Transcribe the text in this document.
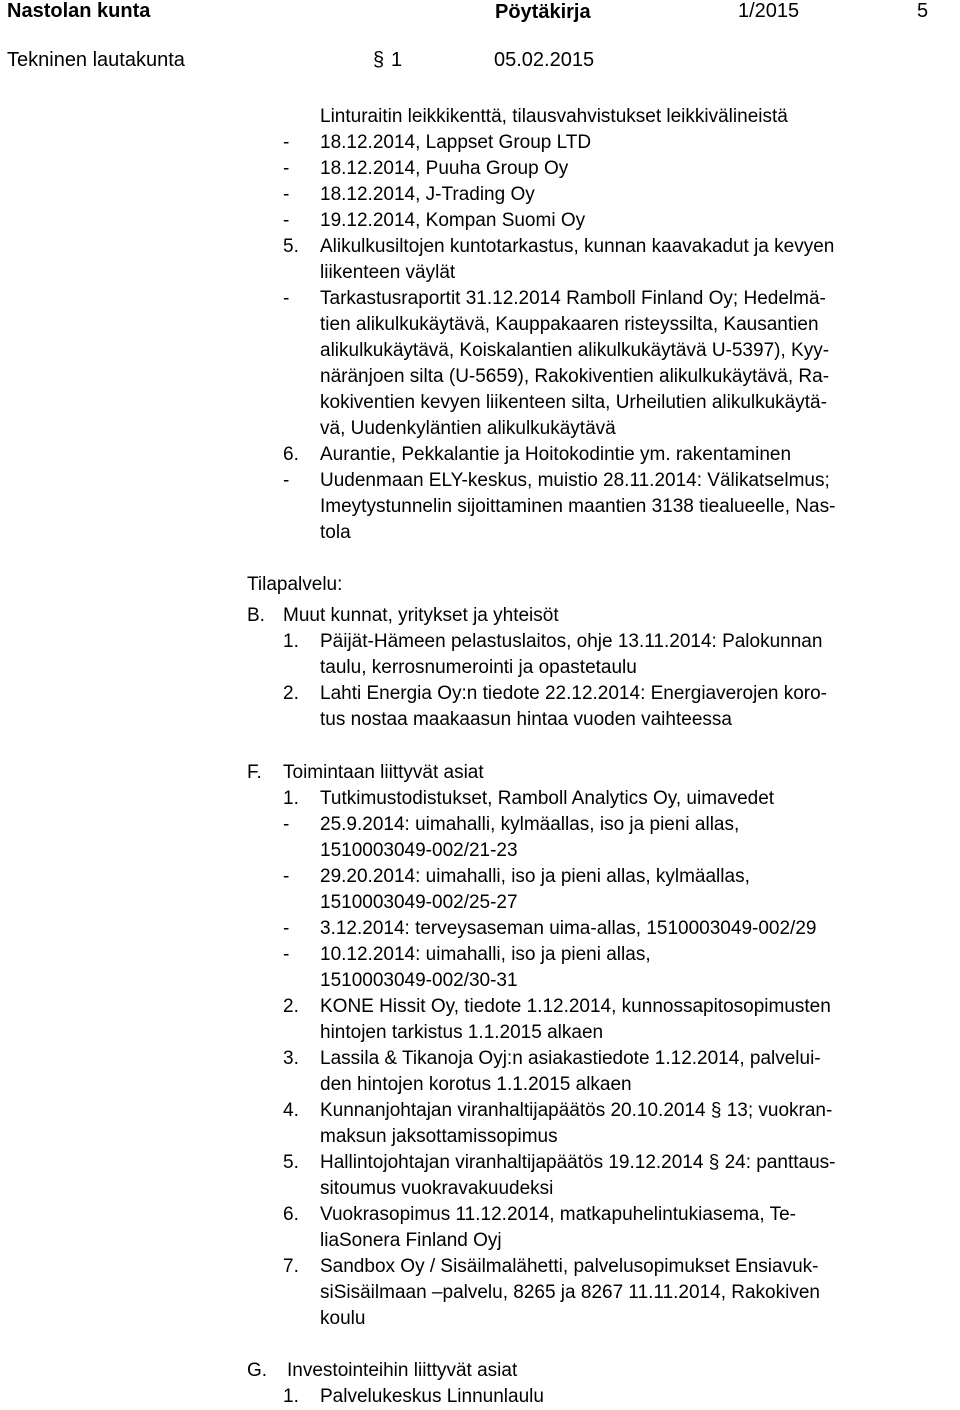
Nastolan kunta	Pöytäkirja	1/2015	5
Tekninen lautakunta	§ 1	05.02.2015
Linturaitin leikkikenttä, tilausvahvistukset leikkivälineistä
- 18.12.2014, Lappset Group LTD
- 18.12.2014, Puuha Group Oy
- 18.12.2014, J-Trading Oy
- 19.12.2014, Kompan Suomi Oy
5. Alikulkusiltojen kuntotarkastus, kunnan kaavakadut ja kevyen
liikenteen väylät
- Tarkastusraportit 31.12.2014 Ramboll Finland Oy; Hedelmä-
tien alikulkukäytävä, Kauppakaaren risteyssilta, Kausantien
alikulkukäytävä, Koiskalantien alikulkukäytävä U-5397), Kyy-
näränjoen silta (U-5659), Rakokiventien alikulkukäytävä, Ra-
kokiventien kevyen liikenteen silta, Urheilutien alikulkukäytä-
vä, Uudenkyläntien alikulkukäytävä
6. Aurantie, Pekkalantie ja Hoitokodintie ym. rakentaminen
- Uudenmaan ELY-keskus, muistio 28.11.2014: Välikatselmus;
Imeytystunnelin sijoittaminen maantien 3138 tiealueelle, Nas-
tola
Tilapalvelu:
B. Muut kunnat, yritykset ja yhteisöt
1. Päijät-Hämeen pelastuslaitos, ohje 13.11.2014: Palokunnan
taulu, kerrosnumerointi ja opastetaulu
2. Lahti Energia Oy:n tiedote 22.12.2014: Energiaverojen koro-
tus nostaa maakaasun hintaa vuoden vaihteessa
F. Toimintaan liittyvät asiat
1. Tutkimustodistukset, Ramboll Analytics Oy, uimavedet
- 25.9.2014: uimahalli, kylmäallas, iso ja pieni allas,
1510003049-002/21-23
- 29.20.2014: uimahalli, iso ja pieni allas, kylmäallas,
1510003049-002/25-27
- 3.12.2014: terveysaseman uima-allas, 1510003049-002/29
- 10.12.2014: uimahalli, iso ja pieni allas,
1510003049-002/30-31
2. KONE Hissit Oy, tiedote 1.12.2014, kunnossapitosopimusten
hintojen tarkistus 1.1.2015 alkaen
3. Lassila & Tikanoja Oyj:n asiakastiedote 1.12.2014, palvelui-
den hintojen korotus 1.1.2015 alkaen
4. Kunnanjohtajan viranhaltijapäätös 20.10.2014 § 13; vuokran-
maksun jaksottamissopimus
5. Hallintojohtajan viranhaltijapäätös 19.12.2014 § 24: panttaus-
sitoumus vuokravakuudeksi
6. Vuokrasopimus 11.12.2014, matkapuhelintukiasema, Te-
liaSonera Finland Oyj
7. Sandbox Oy / Sisäilmalähetti, palvelusopimukset Ensiavuk-
siSisäilmaan –palvelu, 8265 ja 8267 11.11.2014, Rakokiven
koulu
G. Investointeihin liittyvät asiat
1. Palvelukeskus Linnunlaulu
